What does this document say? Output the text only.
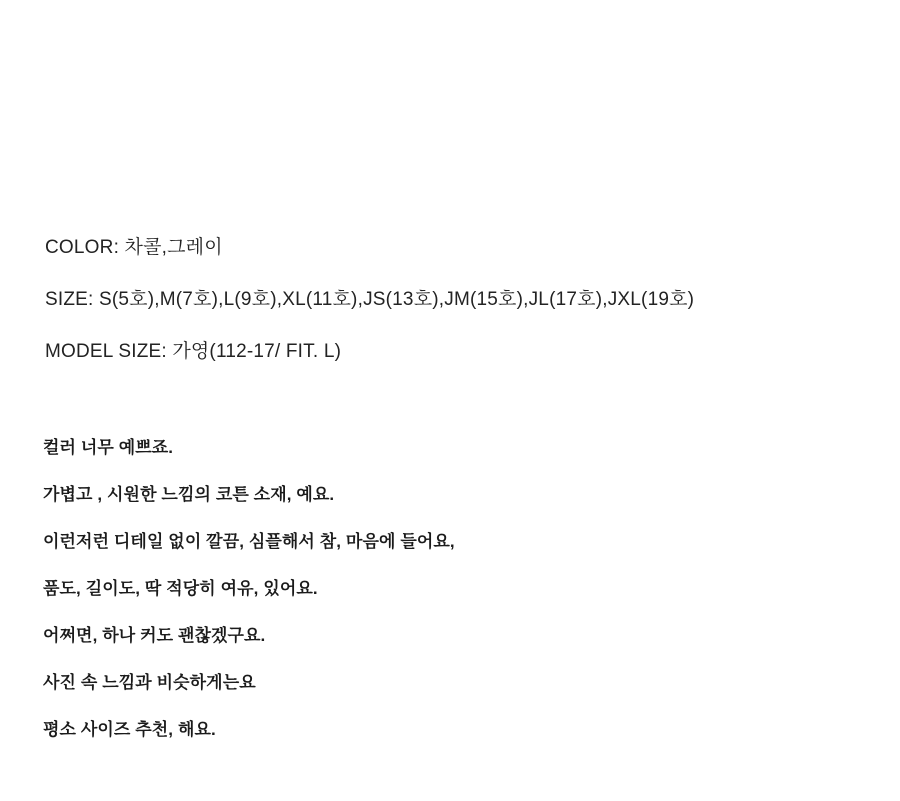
COLOR: 차콜,그레이
SIZE: S(5호),M(7호),L(9호),XL(11호),JS(13호),JM(15호),JL(17호),JXL(19호)
MODEL SIZE: 가영(112-17/ FIT. L)
컬러 너무 예쁘죠.
가볍고 , 시원한 느낌의 코튼 소재, 예요.
이런저런 디테일 없이 깔끔, 심플해서 참, 마음에 들어요,
품도, 길이도, 딱 적당히 여유, 있어요.
어쩌면, 하나 커도 괜찮겠구요.
사진 속 느낌과 비슷하게는요
평소 사이즈 추천, 해요.
